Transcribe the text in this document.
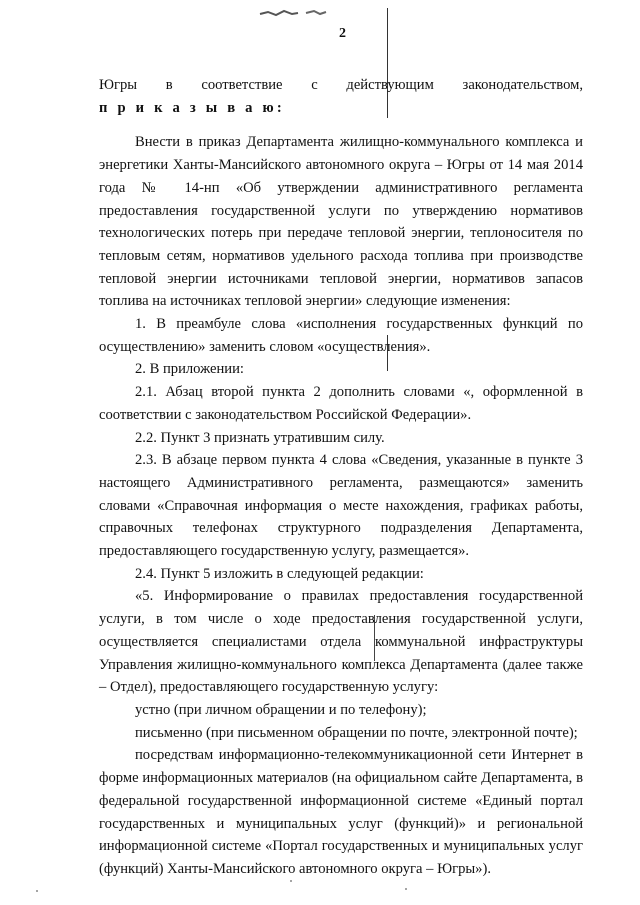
2

Югры в соответствие с действующим законодательством,

п р и к а з ы в а ю:

Внести в приказ Департамента жилищно-коммунального комплекса и энергетики Ханты-Мансийского автономного округа – Югры от 14 мая 2014 года № 14-нп «Об утверждении административного регламента предоставления государственной услуги по утверждению нормативов технологических потерь при передаче тепловой энергии, теплоносителя по тепловым сетям, нормативов удельного расхода топлива при производстве тепловой энергии источниками тепловой энергии, нормативов запасов топлива на источниках тепловой энергии» следующие изменения:

1. В преамбуле слова «исполнения государственных функций по осуществлению» заменить словом «осуществления».

2. В приложении:

2.1. Абзац второй пункта 2 дополнить словами «, оформленной в соответствии с законодательством Российской Федерации».

2.2. Пункт 3 признать утратившим силу.

2.3. В абзаце первом пункта 4 слова «Сведения, указанные в пункте 3 настоящего Административного регламента, размещаются» заменить словами «Справочная информация о месте нахождения, графиках работы, справочных телефонах структурного подразделения Департамента, предоставляющего государственную услугу, размещается».

2.4. Пункт 5 изложить в следующей редакции:

«5. Информирование о правилах предоставления государственной услуги, в том числе о ходе предоставления государственной услуги, осуществляется специалистами отдела коммунальной инфраструктуры Управления жилищно-коммунального комплекса Департамента (далее также – Отдел), предоставляющего государственную услугу:

устно (при личном обращении и по телефону);

письменно (при письменном обращении по почте, электронной почте);

посредствам информационно-телекоммуникационной сети Интернет в форме информационных материалов (на официальном сайте Департамента, в федеральной государственной информационной системе «Единый портал государственных и муниципальных услуг (функций)» и региональной информационной системе «Портал государственных и муниципальных услуг (функций) Ханты-Мансийского автономного округа – Югры»).
